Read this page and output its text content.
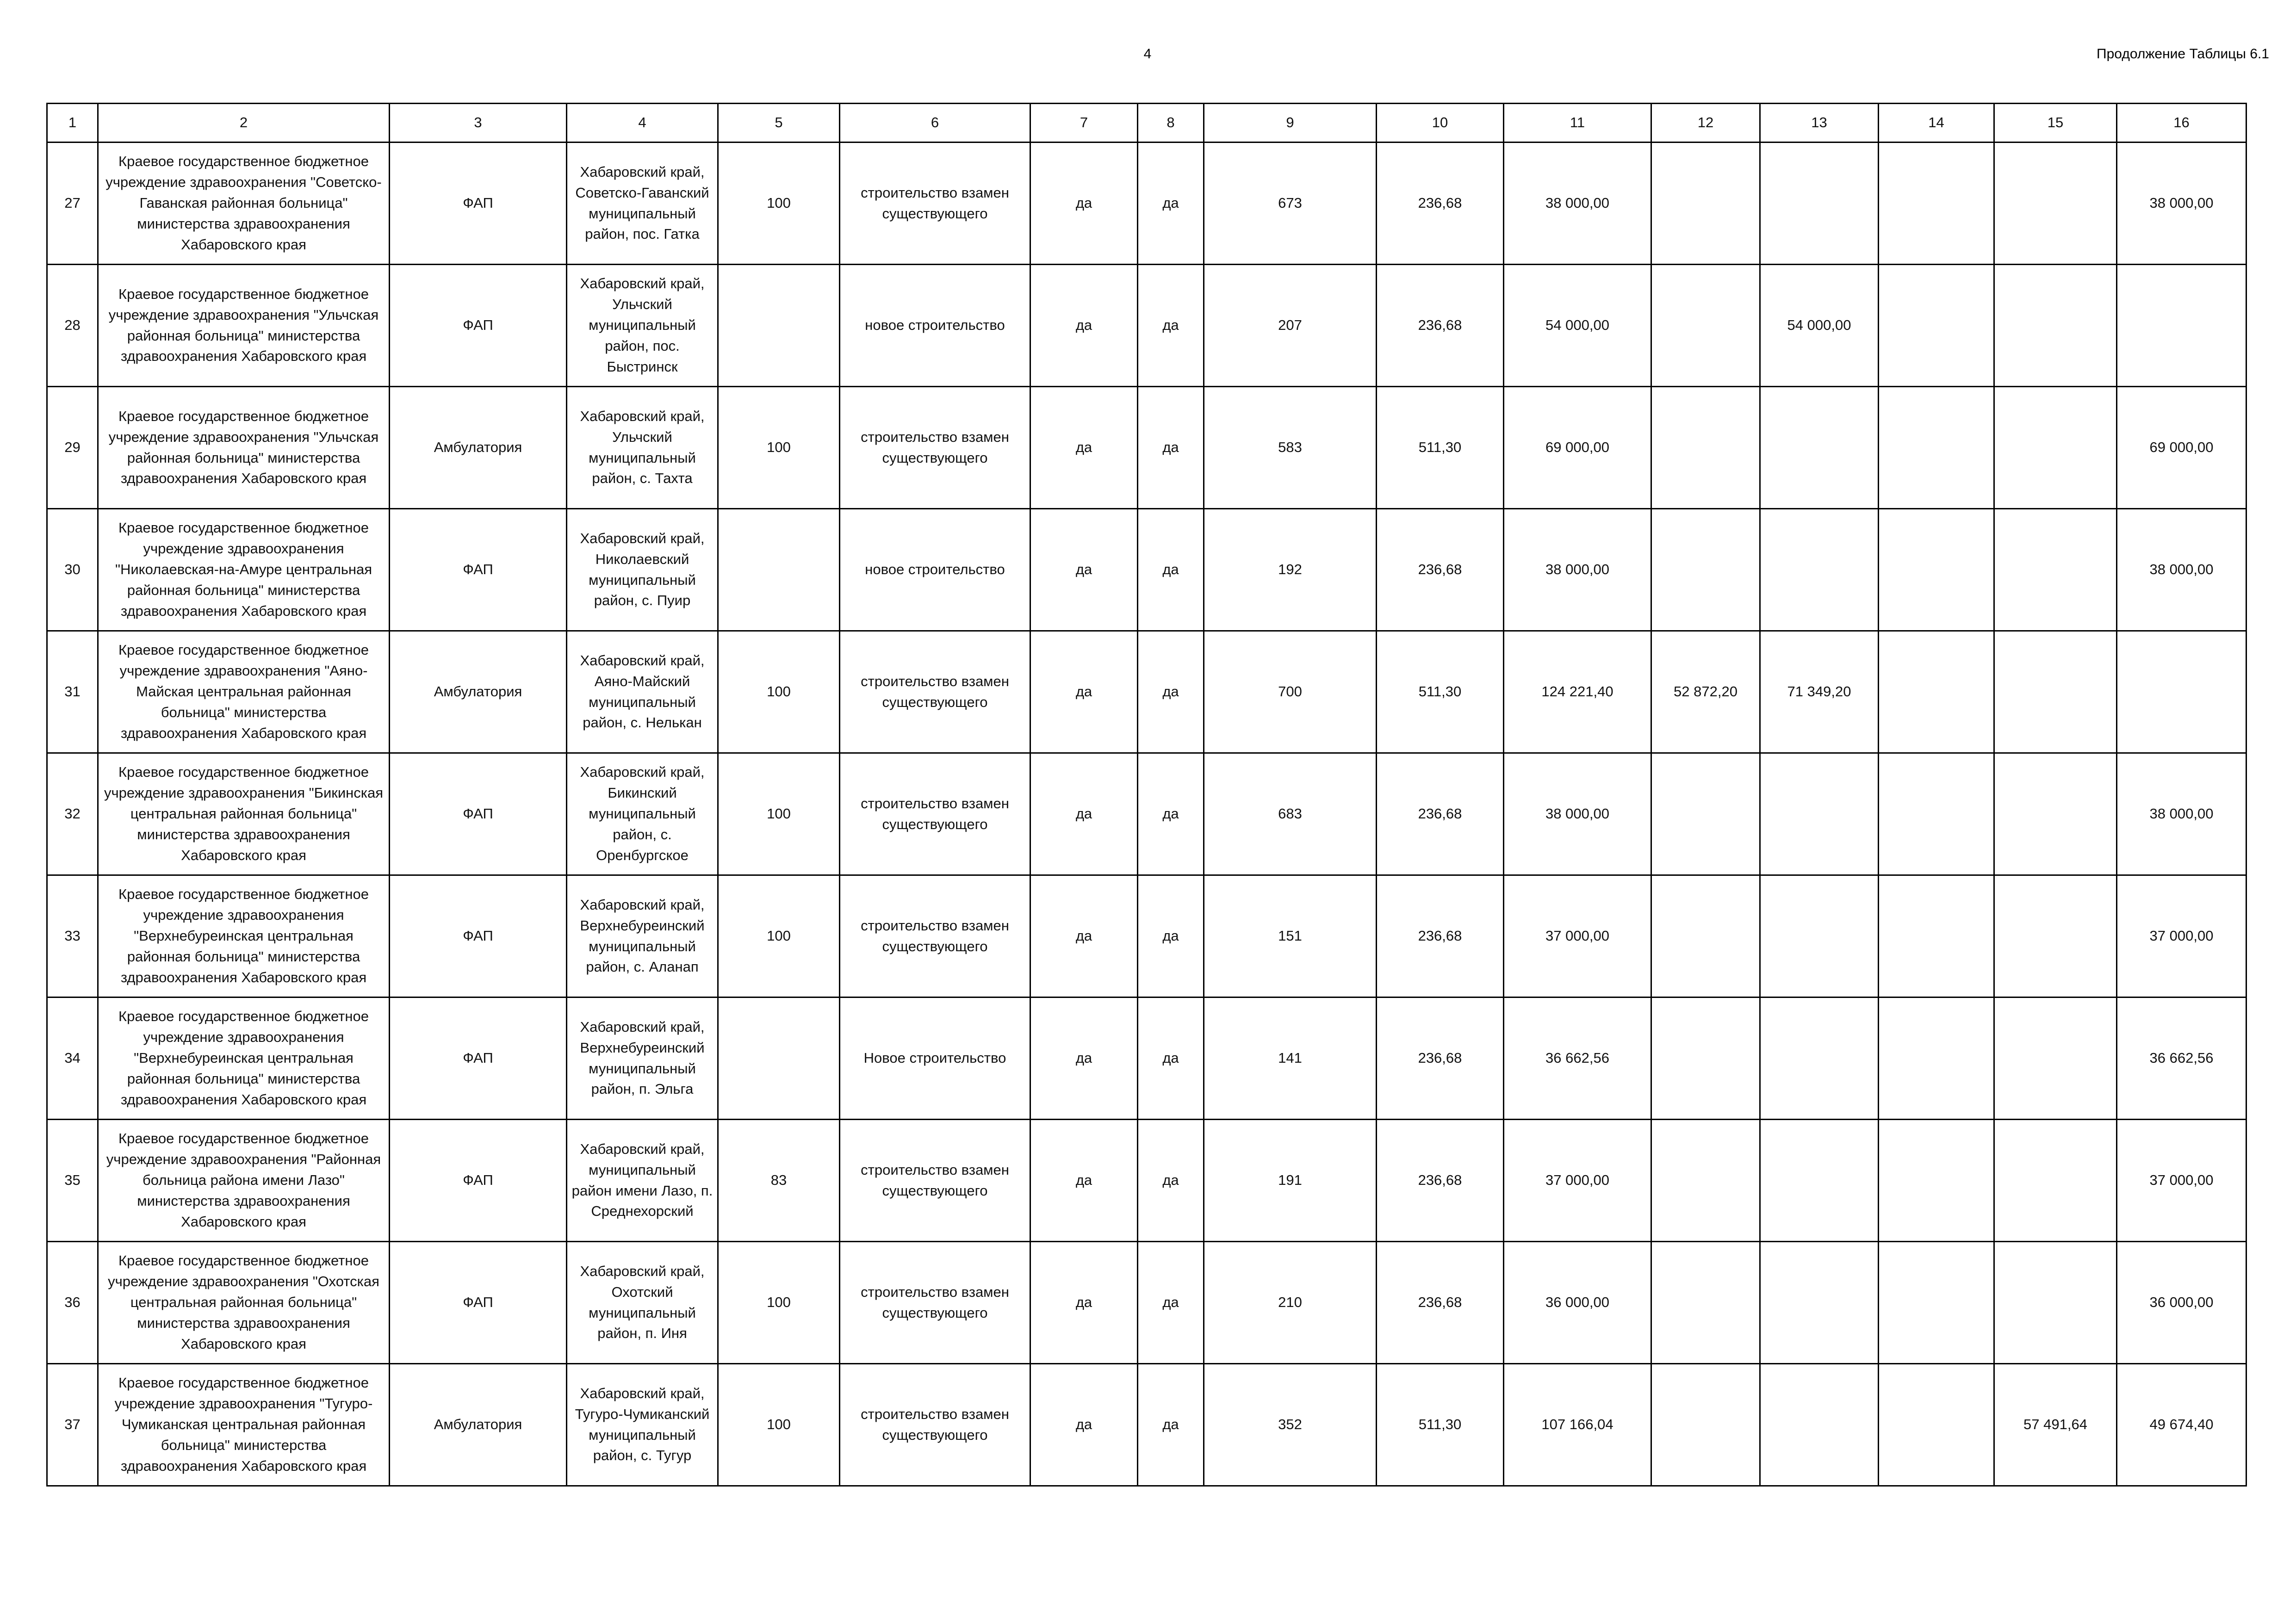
4	Продолжение Таблицы 6.1
1	2	3	4	5	6	7	8	9	10	11	12	13	14	15	16
27	Краевое государственное бюджетное учреждение здравоохранения "Советско-Гаванская районная больница" министерства здравоохранения Хабаровского края	ФАП	Хабаровский край, Советско-Гаванский муниципальный район, пос. Гатка	100	строительство взамен существующего	да	да	673	236,68	38 000,00					38 000,00
28	Краевое государственное бюджетное учреждение здравоохранения "Ульчская районная больница" министерства здравоохранения Хабаровского края	ФАП	Хабаровский край, Ульчский муниципальный район, пос. Быстринск		новое строительство	да	да	207	236,68	54 000,00		54 000,00			
29	Краевое государственное бюджетное учреждение здравоохранения "Ульчская районная больница" министерства здравоохранения Хабаровского края	Амбулатория	Хабаровский край, Ульчский муниципальный район, с. Тахта	100	строительство взамен существующего	да	да	583	511,30	69 000,00					69 000,00
30	Краевое государственное бюджетное учреждение здравоохранения "Николаевская-на-Амуре центральная районная больница" министерства здравоохранения Хабаровского края	ФАП	Хабаровский край, Николаевский муниципальный район, с. Пуир		новое строительство	да	да	192	236,68	38 000,00					38 000,00
31	Краевое государственное бюджетное учреждение здравоохранения "Аяно-Майская центральная районная больница" министерства здравоохранения Хабаровского края	Амбулатория	Хабаровский край, Аяно-Майский муниципальный район, с. Нелькан	100	строительство взамен существующего	да	да	700	511,30	124 221,40	52 872,20	71 349,20			
32	Краевое государственное бюджетное учреждение здравоохранения "Бикинская центральная районная больница" министерства здравоохранения Хабаровского края	ФАП	Хабаровский край, Бикинский муниципальный район, с. Оренбургское	100	строительство взамен существующего	да	да	683	236,68	38 000,00					38 000,00
33	Краевое государственное бюджетное учреждение здравоохранения "Верхнебуреинская центральная районная больница" министерства здравоохранения Хабаровского края	ФАП	Хабаровский край, Верхнебуреинский муниципальный район, с. Аланап	100	строительство взамен существующего	да	да	151	236,68	37 000,00					37 000,00
34	Краевое государственное бюджетное учреждение здравоохранения "Верхнебуреинская центральная районная больница" министерства здравоохранения Хабаровского края	ФАП	Хабаровский край, Верхнебуреинский муниципальный район, п. Эльга		Новое строительство	да	да	141	236,68	36 662,56					36 662,56
35	Краевое государственное бюджетное учреждение здравоохранения "Районная больница района имени Лазо" министерства здравоохранения Хабаровского края	ФАП	Хабаровский край, муниципальный район имени Лазо, п. Среднехорский	83	строительство взамен существующего	да	да	191	236,68	37 000,00					37 000,00
36	Краевое государственное бюджетное учреждение здравоохранения "Охотская центральная районная больница" министерства здравоохранения Хабаровского края	ФАП	Хабаровский край, Охотский муниципальный район, п. Иня	100	строительство взамен существующего	да	да	210	236,68	36 000,00					36 000,00
37	Краевое государственное бюджетное учреждение здравоохранения "Тугуро-Чумиканская центральная районная больница" министерства здравоохранения Хабаровского края	Амбулатория	Хабаровский край, Тугуро-Чумиканский муниципальный район, с. Тугур	100	строительство взамен существующего	да	да	352	511,30	107 166,04				57 491,64	49 674,40
